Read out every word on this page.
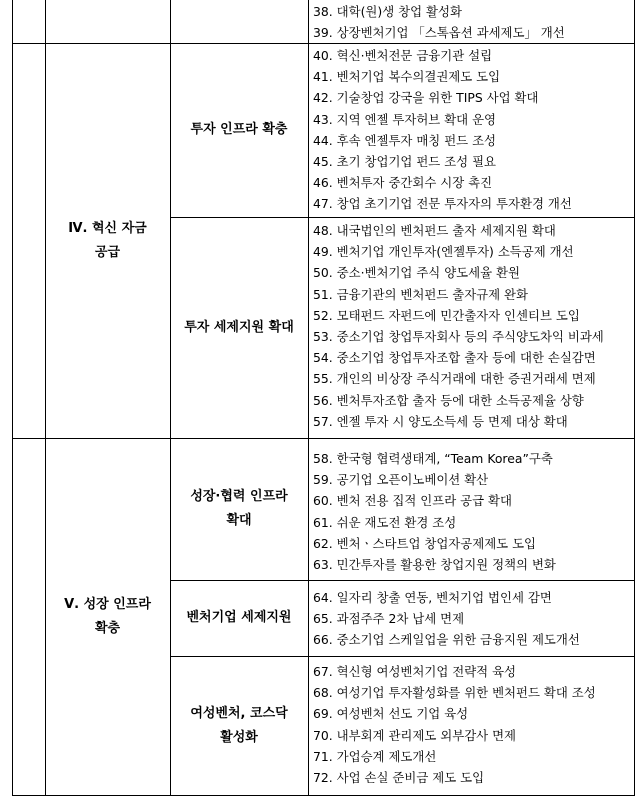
Ⅳ. 혁신 자금
공급
Ⅴ. 성장 인프라
확충
투자 인프라 확충
투자 세제지원 확대
성장·협력 인프라
확대
벤처기업 세제지원
여성벤처, 코스닥
활성화
38. 대학(원)생 창업 활성화
39. 상장벤처기업 「스톡옵션 과세제도」 개선
40. 혁신·벤처전문 금융기관 설립
41. 벤처기업 복수의결권제도 도입
42. 기술창업 강국을 위한 TIPS 사업 확대
43. 지역 엔젤 투자허브 확대 운영
44. 후속 엔젤투자 매칭 펀드 조성
45. 초기 창업기업 펀드 조성 필요
46. 벤처투자 중간회수 시장 촉진
47. 창업 초기기업 전문 투자자의 투자환경 개선
48. 내국법인의 벤처펀드 출자 세제지원 확대
49. 벤처기업 개인투자(엔젤투자) 소득공제 개선
50. 중소·벤처기업 주식 양도세율 환원
51. 금융기관의 벤처펀드 출자규제 완화
52. 모태펀드 자펀드에 민간출자자 인센티브 도입
53. 중소기업 창업투자회사 등의 주식양도차익 비과세
54. 중소기업 창업투자조합 출자 등에 대한 손실감면
55. 개인의 비상장 주식거래에 대한 증권거래세 면제
56. 벤처투자조합 출자 등에 대한 소득공제율 상향
57. 엔젤 투자 시 양도소득세 등 면제 대상 확대
58. 한국형 협력생태계, “Team Korea”구축
59. 공기업 오픈이노베이션 확산
60. 벤처 전용 집적 인프라 공급 확대
61. 쉬운 재도전 환경 조성
62. 벤처ㆍ스타트업 창업자공제제도 도입
63. 민간투자를 활용한 창업지원 정책의 변화
64. 일자리 창출 연동, 벤처기업 법인세 감면
65. 과점주주 2차 납세 면제
66. 중소기업 스케일업을 위한 금융지원 제도개선
67. 혁신형 여성벤처기업 전략적 육성
68. 여성기업 투자활성화를 위한 벤처펀드 확대 조성
69. 여성벤처 선도 기업 육성
70. 내부회계 관리제도 외부감사 면제
71. 가업승계 제도개선
72. 사업 손실 준비금 제도 도입
